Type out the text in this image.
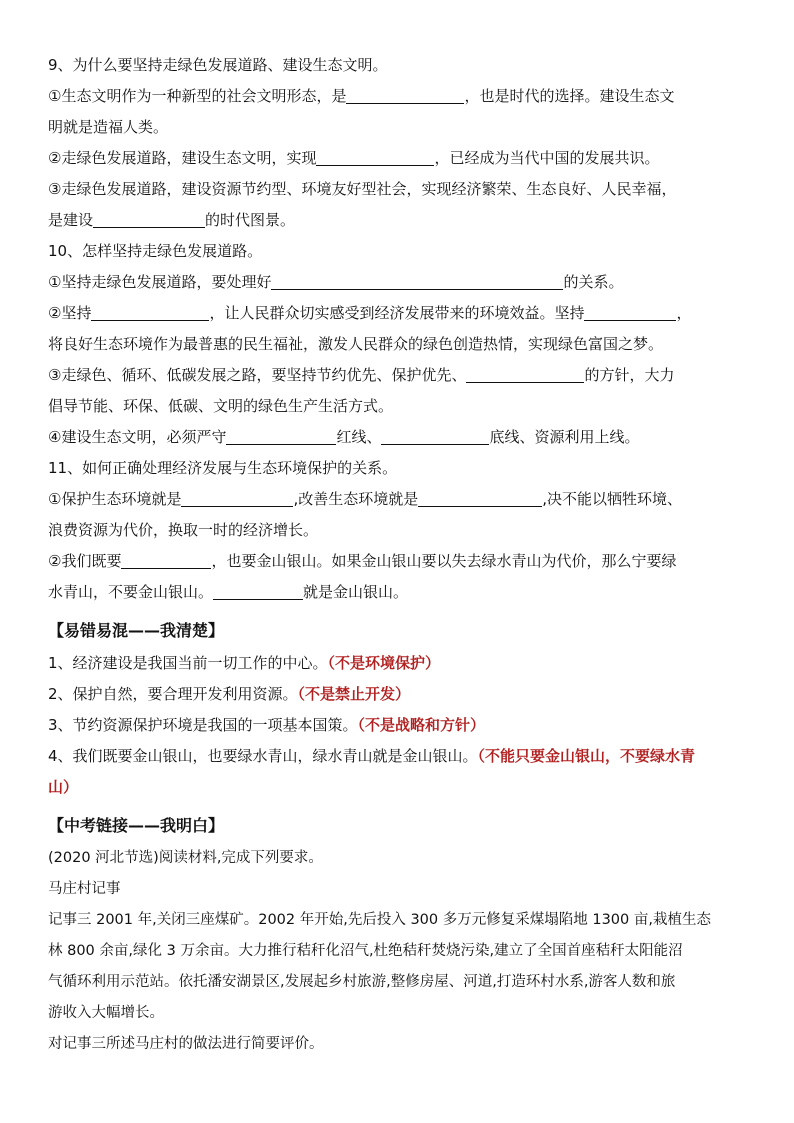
9、为什么要坚持走绿色发展道路、建设生态文明。
①生态文明作为一种新型的社会文明形态，是	，也是时代的选择。建设生态文
明就是造福人类。
②走绿色发展道路，建设生态文明，实现	，已经成为当代中国的发展共识。
③走绿色发展道路，建设资源节约型、环境友好型社会，实现经济繁荣、生态良好、人民幸福，
是建设	的时代图景。
10、怎样坚持走绿色发展道路。
①坚持走绿色发展道路，要处理好	的关系。
②坚持	，让人民群众切实感受到经济发展带来的环境效益。坚持	，
将良好生态环境作为最普惠的民生福祉，激发人民群众的绿色创造热情，实现绿色富国之梦。
③走绿色、循环、低碳发展之路，要坚持节约优先、保护优先、	的方针，大力
倡导节能、环保、低碳、文明的绿色生产生活方式。
④建设生态文明，必须严守	红线、	底线、资源利用上线。
11、如何正确处理经济发展与生态环境保护的关系。
①保护生态环境就是	,改善生态环境就是	,决不能以牺牲环境、
浪费资源为代价，换取一时的经济增长。
②我们既要	，也要金山银山。如果金山银山要以失去绿水青山为代价，那么宁要绿
水青山，不要金山银山。	就是金山银山。
【易错易混——我清楚】
1、经济建设是我国当前一切工作的中心。（不是环境保护）
2、保护自然，要合理开发利用资源。（不是禁止开发）
3、节约资源保护环境是我国的一项基本国策。（不是战略和方针）
4、我们既要金山银山，也要绿水青山，绿水青山就是金山银山。（不能只要金山银山，不要绿水青
山）
【中考链接——我明白】
(2020 河北节选)阅读材料,完成下列要求。
马庄村记事
记事三 2001 年,关闭三座煤矿。2002 年开始,先后投入 300 多万元修复采煤塌陷地 1300 亩,栽植生态
林 800 余亩,绿化 3 万余亩。大力推行秸秆化沼气,杜绝秸秆焚烧污染,建立了全国首座秸秆太阳能沼
气循环利用示范站。依托潘安湖景区,发展起乡村旅游,整修房屋、河道,打造环村水系,游客人数和旅
游收入大幅增长。
对记事三所述马庄村的做法进行简要评价。
